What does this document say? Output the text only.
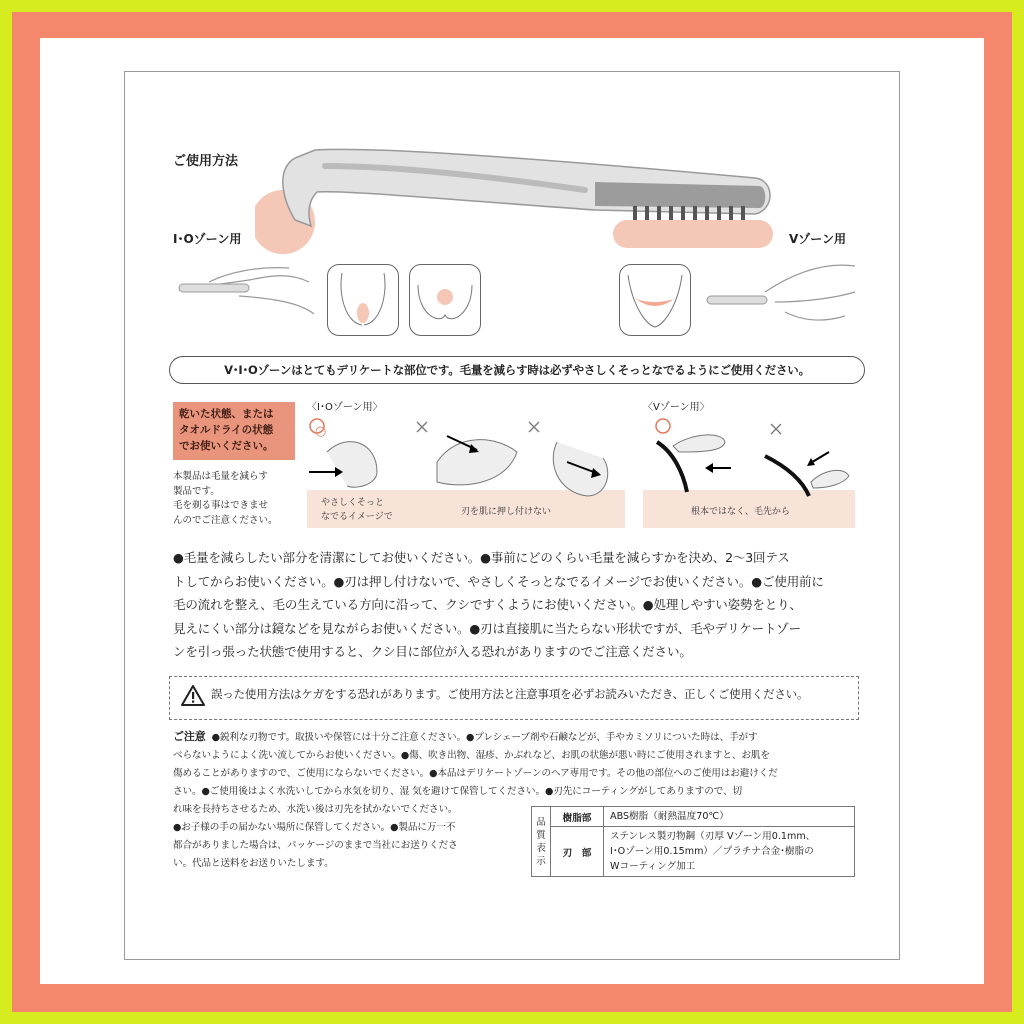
ご使用方法
I･Oゾーン用	Vゾーン用
V･I･Oゾーンはとてもデリケートな部位です。毛量を減らす時は必ずやさしくそっとなでるようにご使用ください。
乾いた状態、または
タオルドライの状態
でお使いください。
本製品は毛量を減らす
製品です。
毛を剃る事はできませ
んのでご注意ください。
〈I･Oゾーン用〉	〈Vゾーン用〉
やさしくそっと
なでるイメージで	刃を肌に押し付けない	根本ではなく、毛先から
○
●毛量を減らしたい部分を清潔にしてお使いください。●事前にどのくらい毛量を減らすかを決め、2〜3回テス
トしてからお使いください。●刃は押し付けないで、やさしくそっとなでるイメージでお使いください。●ご使用前に
毛の流れを整え、毛の生えている方向に沿って、クシですくようにお使いください。●処理しやすい姿勢をとり、
見えにくい部分は鏡などを見ながらお使いください。●刃は直接肌に当たらない形状ですが、毛やデリケートゾー
ンを引っ張った状態で使用すると、クシ目に部位が入る恐れがありますのでご注意ください。
誤った使用方法はケガをする恐れがあります。ご使用方法と注意事項を必ずお読みいただき、正しくご使用ください。
ご注意 ●鋭利な刃物です。取扱いや保管には十分ご注意ください。●プレシェーブ剤や石鹸などが、手やカミソリについた時は、手がす
べらないようによく洗い流してからお使いください。●傷、吹き出物、湿疹、かぶれなど、お肌の状態が悪い時にご使用されますと、お肌を
傷めることがありますので、ご使用にならないでください。●本品はデリケートゾーンのヘア専用です。その他の部位へのご使用はお避けくだ
さい。●ご使用後はよく水洗いしてから水気を切り、湿 気を避けて保管してください。●刃先にコーティングがしてありますので、切
れ味を長持ちさせるため、水洗い後は刃先を拭かないでください。
●お子様の手の届かない場所に保管してください。●製品に万一不
都合がありました場合は、パッケージのままで当社にお送りくださ
い。代品と送料をお送りいたします。
品
質
表
示	樹脂部	ABS樹脂（耐熱温度70℃）
	刃　部	ステンレス製刃物鋼（刃厚 Vゾーン用0.1mm、
I･Oゾーン用0.15mm）／プラチナ合金･樹脂の
Wコーティング加工
